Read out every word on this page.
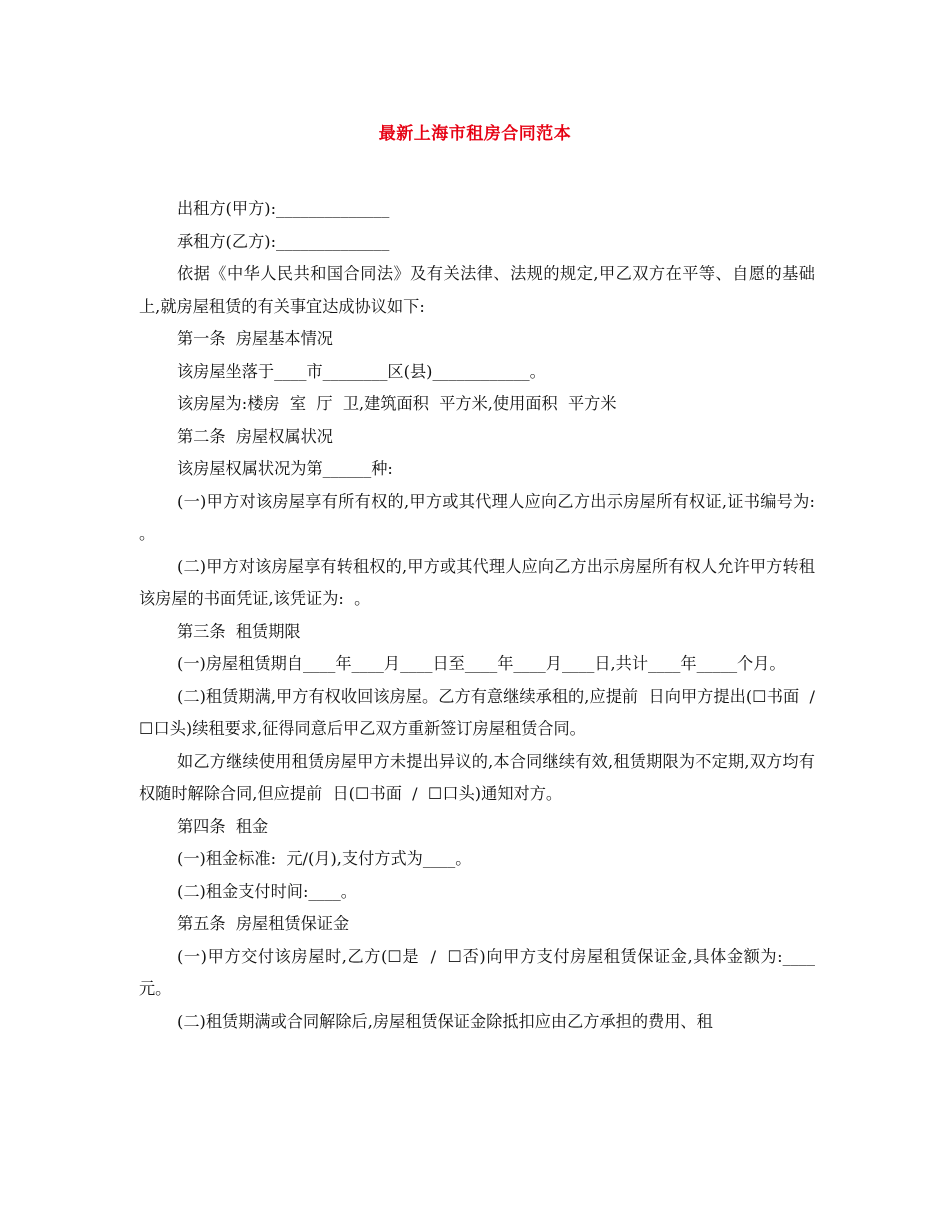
最新上海市租房合同范本

出租方(甲方):______________

承租方(乙方):______________

依据《中华人民共和国合同法》及有关法律、法规的规定,甲乙双方在平等、自愿的基础上,就房屋租赁的有关事宜达成协议如下:

第一条  房屋基本情况

该房屋坐落于____市________区(县)____________。

该房屋为:楼房  室  厅  卫,建筑面积  平方米,使用面积  平方米

第二条  房屋权属状况

该房屋权属状况为第______种:

(一)甲方对该房屋享有所有权的,甲方或其代理人应向乙方出示房屋所有权证,证书编号为:  。

(二)甲方对该房屋享有转租权的,甲方或其代理人应向乙方出示房屋所有权人允许甲方转租该房屋的书面凭证,该凭证为:  。

第三条  租赁期限

(一)房屋租赁期自____年____月____日至____年____月____日,共计____年_____个月。

(二)租赁期满,甲方有权收回该房屋。乙方有意继续承租的,应提前  日向甲方提出(☐书面  /  ☐口头)续租要求,征得同意后甲乙双方重新签订房屋租赁合同。

如乙方继续使用租赁房屋甲方未提出异议的,本合同继续有效,租赁期限为不定期,双方均有权随时解除合同,但应提前  日(☐书面  /  ☐口头)通知对方。

第四条  租金

(一)租金标准:  元/(月),支付方式为____。

(二)租金支付时间:____。

第五条  房屋租赁保证金

(一)甲方交付该房屋时,乙方(☐是  /  ☐否)向甲方支付房屋租赁保证金,具体金额为:____元。

(二)租赁期满或合同解除后,房屋租赁保证金除抵扣应由乙方承担的费用、租
